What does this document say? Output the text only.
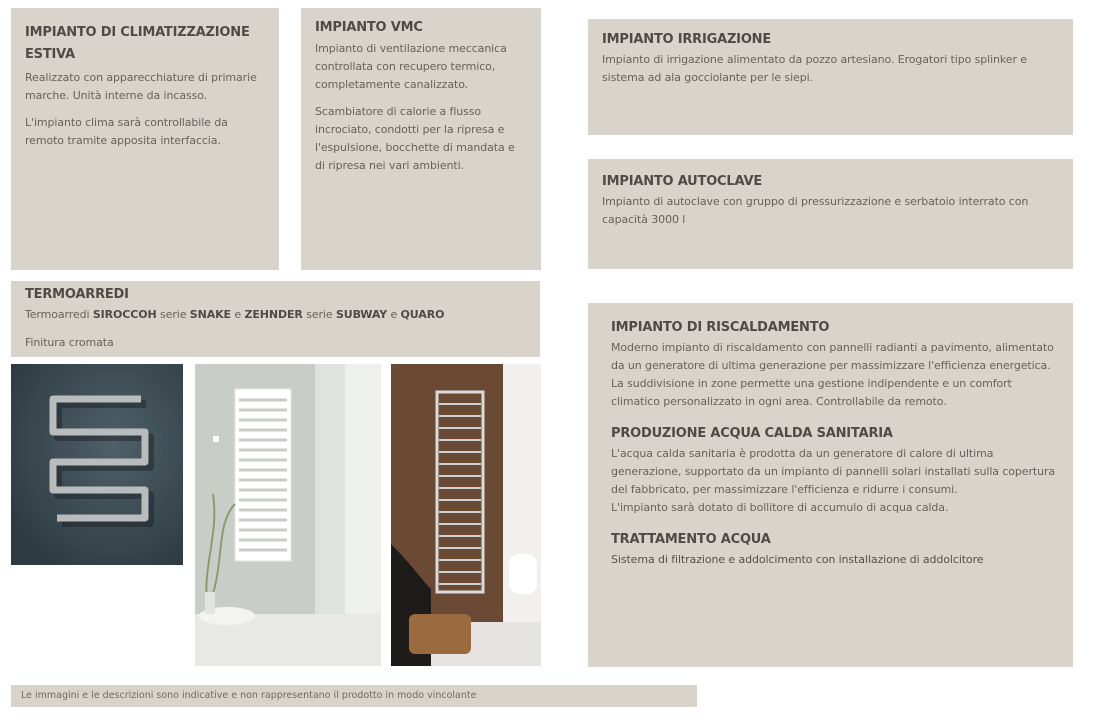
IMPIANTO DI CLIMATIZZAZIONE ESTIVA

Realizzato con apparecchiature di primarie marche. Unità interne da incasso.

L'impianto clima sarà controllabile da remoto tramite apposita interfaccia.

IMPIANTO VMC

Impianto di ventilazione meccanica controllata con recupero termico, completamente canalizzato.

Scambiatore di calorie a flusso incrociato, condotti per la ripresa e l'espulsione, bocchette di mandata e di ripresa nei vari ambienti.

IMPIANTO IRRIGAZIONE

Impianto di irrigazione alimentato da pozzo artesiano. Erogatori tipo splinker e sistema ad ala gocciolante per le siepi.

IMPIANTO AUTOCLAVE

Impianto di autoclave con gruppo di pressurizzazione e serbatoio interrato con capacità 3000 l

TERMOARREDI

Termoarredi SIROCCOH serie SNAKE e ZEHNDER serie SUBWAY e QUARO

Finitura cromata

IMPIANTO DI RISCALDAMENTO

Moderno impianto di riscaldamento con pannelli radianti a pavimento, alimentato da un generatore di ultima generazione per massimizzare l'efficienza energetica. La suddivisione in zone permette una gestione indipendente e un comfort climatico personalizzato in ogni area. Controllabile da remoto.

PRODUZIONE ACQUA CALDA SANITARIA

L'acqua calda sanitaria è prodotta da un generatore di calore di ultima generazione, supportato da un impianto di pannelli solari installati sulla copertura del fabbricato, per massimizzare l'efficienza e ridurre i consumi.

L'impianto sarà dotato di bollitore di accumulo di acqua calda.

TRATTAMENTO ACQUA

Sistema di filtrazione e addolcimento con installazione di addolcitore

Le immagini e le descrizioni sono indicative e non rappresentano il prodotto in modo vincolante
